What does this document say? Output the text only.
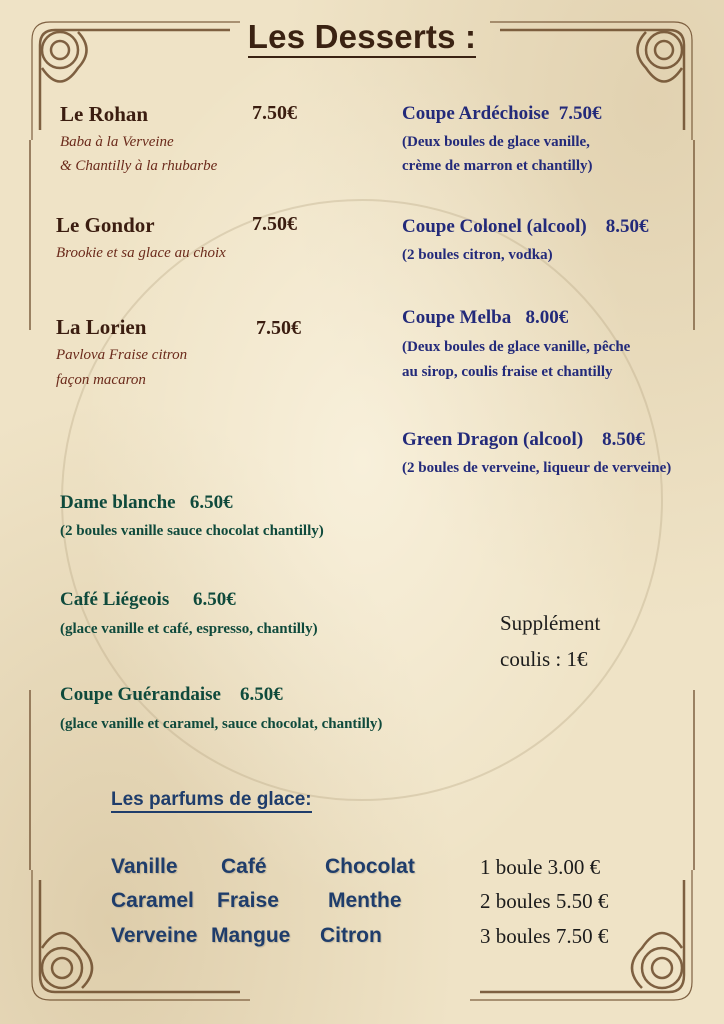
Les Desserts :
Le Rohan	7.50€
Baba à la Verveine
& Chantilly à la rhubarbe
Le Gondor	7.50€
Brookie et sa glace au choix
La Lorien	7.50€
Pavlova Fraise citron
façon macaron
Coupe Ardéchoise 7.50€
(Deux boules de glace vanille,
crème de marron et chantilly)
Coupe Colonel (alcool) 8.50€
(2 boules citron, vodka)
Coupe Melba 8.00€
(Deux boules de glace vanille, pêche
au sirop, coulis fraise et chantilly
Green Dragon (alcool) 8.50€
(2 boules de verveine, liqueur de verveine)
Dame blanche 6.50€
(2 boules vanille sauce chocolat chantilly)
Café Liégeois 6.50€
(glace vanille et café, espresso, chantilly)
Coupe Guérandaise 6.50€
(glace vanille et caramel, sauce chocolat, chantilly)
Supplément
coulis : 1€
Les parfums de glace:
Vanille Café	Chocolat
Caramel Fraise Menthe
Verveine Mangue Citron
1 boule 3.00 €
2 boules 5.50 €
3 boules 7.50 €
